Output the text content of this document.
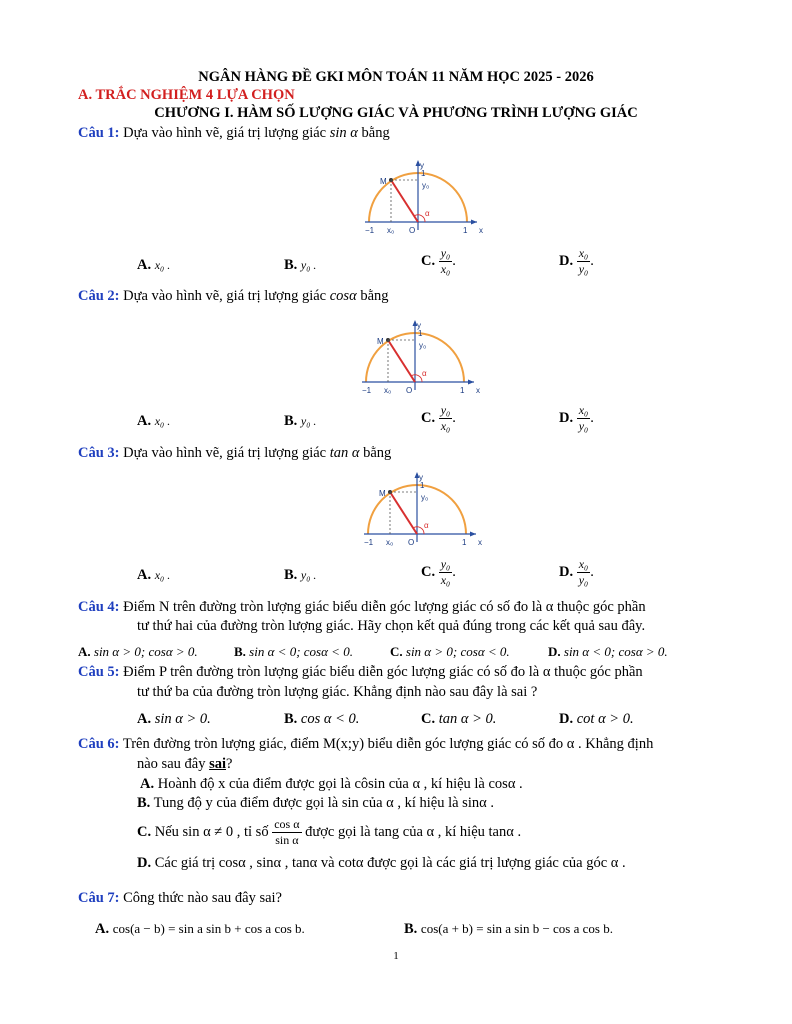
NGÂN HÀNG ĐỀ GKI MÔN TOÁN 11 NĂM HỌC 2025 - 2026
A. TRẮC NGHIỆM 4 LỰA CHỌN
CHƯƠNG I. HÀM SỐ LƯỢNG GIÁC VÀ PHƯƠNG TRÌNH LƯỢNG GIÁC
Câu 1: Dựa vào hình vẽ, giá trị lượng giác sin α bằng
y
1
y₀
M
α
−1 x₀ O	1 x
A. x₀ .	B. y₀ .	C. $\frac{\text{y₀}}{\text{x₀}}$ .	D. $\frac{\text{x₀}}{\text{y₀}}$ .
Câu 2: Dựa vào hình vẽ, giá trị lượng giác cosα bằng
y
1
y₀
M
α
−1 x₀ O	1 x
A. x₀ .	B. y₀ .	C. $\frac{\text{y₀}}{\text{x₀}}$ .	D. $\frac{\text{x₀}}{\text{y₀}}$ .
Câu 3: Dựa vào hình vẽ, giá trị lượng giác tan α bằng
y
1
y₀
M
α
−1 x₀ O	1 x
A. x₀ .	B. y₀ .	C. $\frac{\text{y₀}}{\text{x₀}}$ .	D. $\frac{\text{x₀}}{\text{y₀}}$ .
Câu 4: Điểm N trên đường tròn lượng giác biểu diễn góc lượng giác có số đo là α thuộc góc phần
tư thứ hai của đường tròn lượng giác. Hãy chọn kết quả đúng trong các kết quả sau đây.
A. sin α > 0; cosα > 0.	B. sin α < 0; cosα < 0.	C. sin α > 0; cosα < 0.	D. sin α < 0; cosα > 0.
Câu 5: Điểm P trên đường tròn lượng giác biểu diễn góc lượng giác có số đo là α thuộc góc phần
tư thứ ba của đường tròn lượng giác. Khẳng định nào sau đây là sai ?
A. sin α > 0.	B. cos α < 0.	C. tan α > 0.	D. cot α > 0.
Câu 6: Trên đường tròn lượng giác, điểm M(x;y) biểu diễn góc lượng giác có số đo α . Khẳng định
nào sau đây sai?
A. Hoành độ x của điểm được gọi là côsin của α , kí hiệu là cosα .
B. Tung độ y của điểm được gọi là sin của α , kí hiệu là sinα .
C. Nếu sin α ≠ 0 , tỉ số $\frac{\text{cos α}}{\text{sin α}}$ được gọi là tang của α , kí hiệu tanα .
D. Các giá trị cosα , sinα , tanα và cotα được gọi là các giá trị lượng giác của góc α .
Câu 7: Công thức nào sau đây sai?
A. cos(a − b) = sin a sin b + cos a cos b.	B. cos(a + b) = sin a sin b − cos a cos b.
1
